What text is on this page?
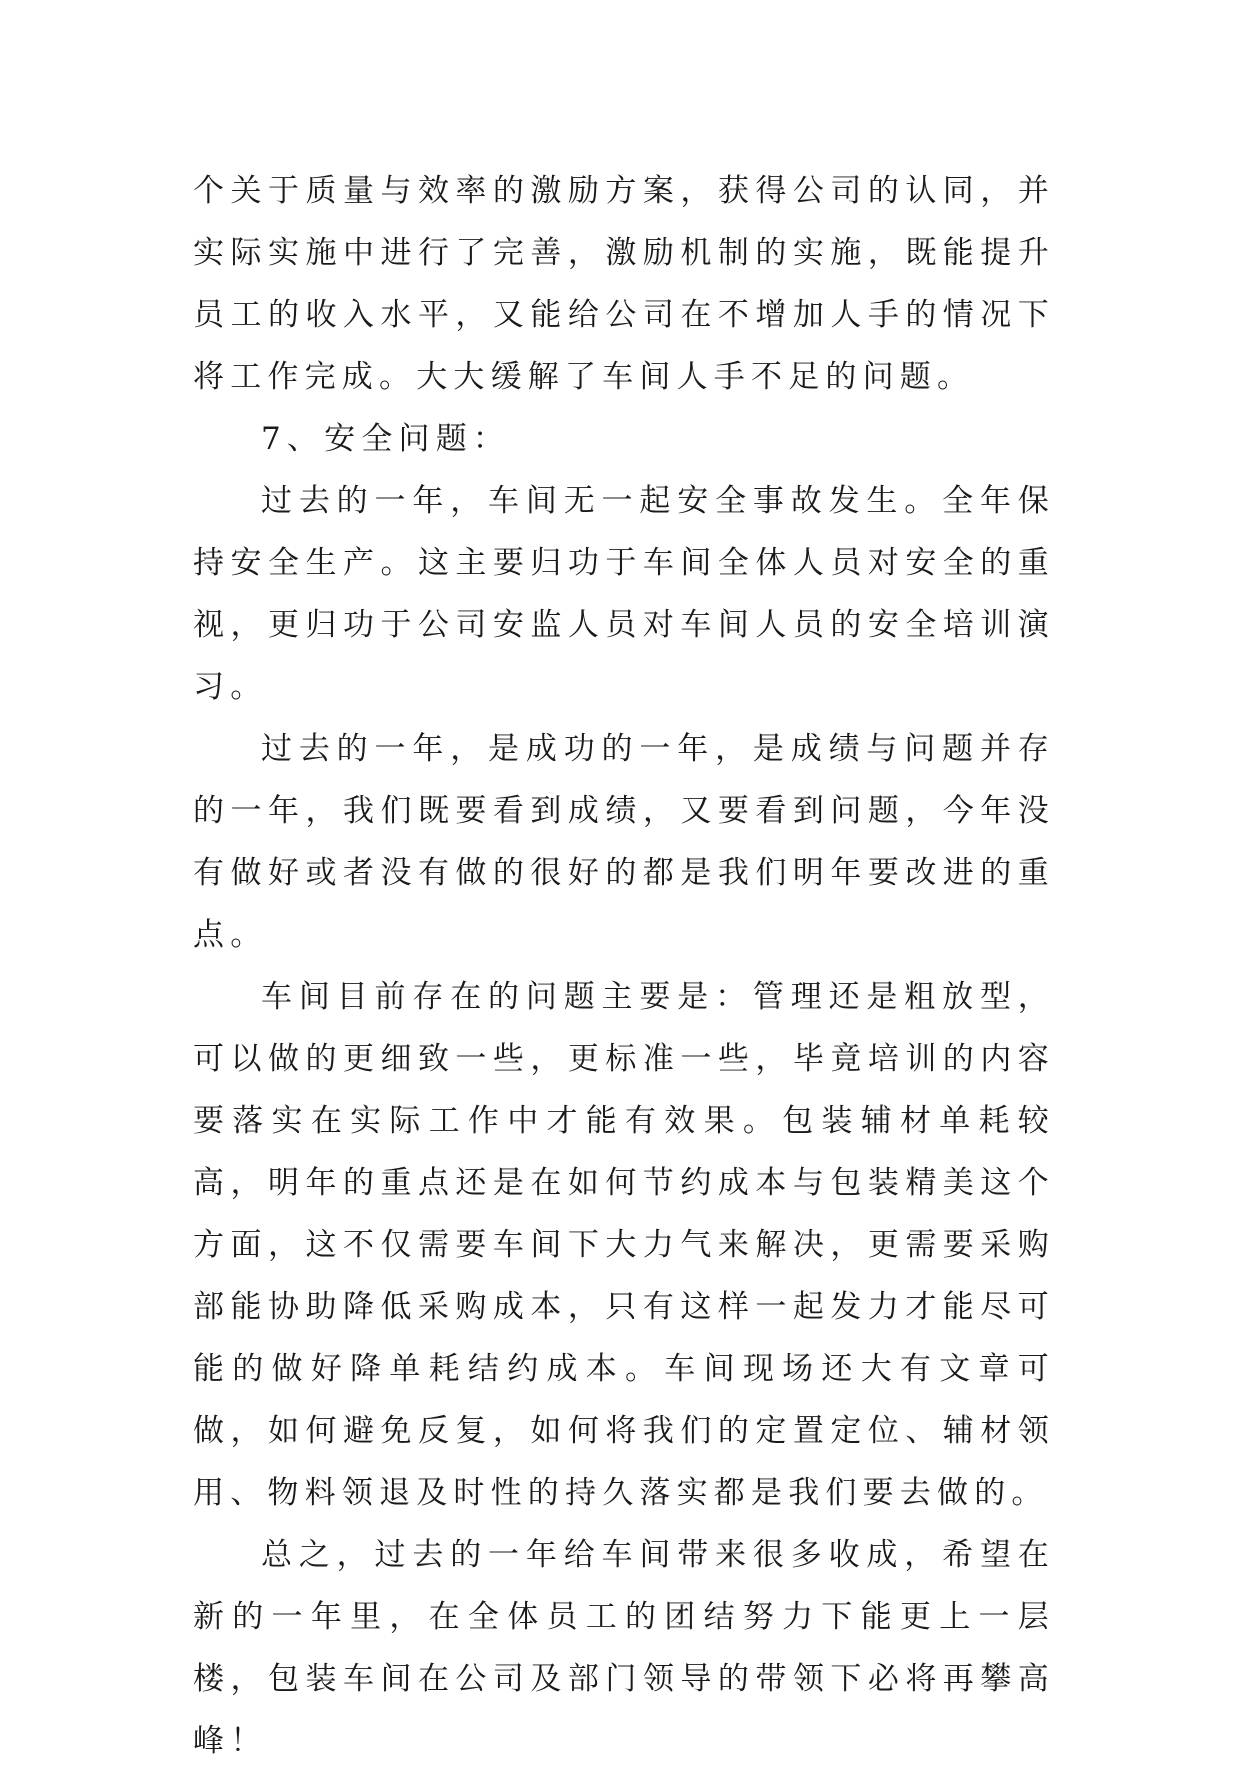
个关于质量与效率的激励方案，获得公司的认同，并实际实施中进行了完善，激励机制的实施，既能提升员工的收入水平，又能给公司在不增加人手的情况下将工作完成。大大缓解了车间人手不足的问题。

7、安全问题：

过去的一年，车间无一起安全事故发生。全年保持安全生产。这主要归功于车间全体人员对安全的重视，更归功于公司安监人员对车间人员的安全培训演习。

过去的一年，是成功的一年，是成绩与问题并存的一年，我们既要看到成绩，又要看到问题，今年没有做好或者没有做的很好的都是我们明年要改进的重点。

车间目前存在的问题主要是：管理还是粗放型，可以做的更细致一些，更标准一些，毕竟培训的内容要落实在实际工作中才能有效果。包装辅材单耗较高，明年的重点还是在如何节约成本与包装精美这个方面，这不仅需要车间下大力气来解决，更需要采购部能协助降低采购成本，只有这样一起发力才能尽可能的做好降单耗结约成本。车间现场还大有文章可做，如何避免反复，如何将我们的定置定位、辅材领用、物料领退及时性的持久落实都是我们要去做的。

总之，过去的一年给车间带来很多收成，希望在新的一年里，在全体员工的团结努力下能更上一层楼，包装车间在公司及部门领导的带领下必将再攀高峰！
